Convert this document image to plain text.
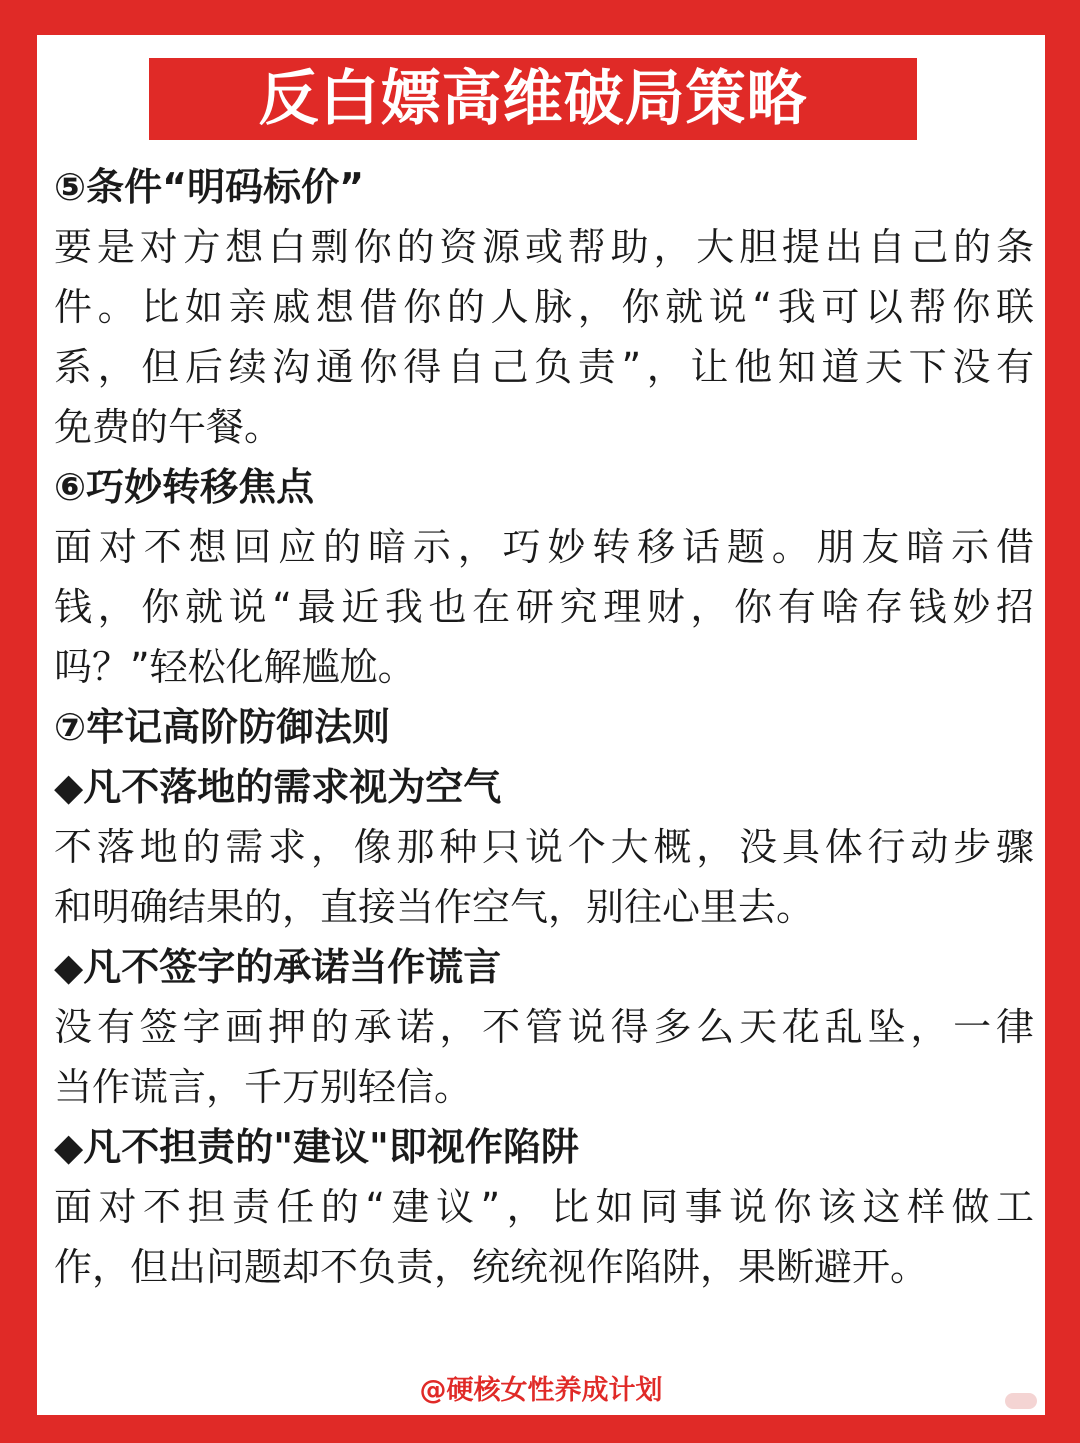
反白嫖高维破局策略
⑤条件“明码标价”
要是对方想白剽你的资源或帮助，大胆提出自己的条
件。比如亲戚想借你的人脉，你就说“我可以帮你联
系，但后续沟通你得自己负责”，让他知道天下没有
免费的午餐。
⑥巧妙转移焦点
面对不想回应的暗示，巧妙转移话题。朋友暗示借
钱，你就说“最近我也在研究理财，你有啥存钱妙招
吗？”轻松化解尴尬。
⑦牢记高阶防御法则
◆凡不落地的需求视为空气
不落地的需求，像那种只说个大概，没具体行动步骤
和明确结果的，直接当作空气，别往心里去。
◆凡不签字的承诺当作谎言
没有签字画押的承诺，不管说得多么天花乱坠，一律
当作谎言，千万别轻信。
◆凡不担责的"建议"即视作陷阱
面对不担责任的“建议”，比如同事说你该这样做工
作，但出问题却不负责，统统视作陷阱，果断避开。
@硬核女性养成计划
